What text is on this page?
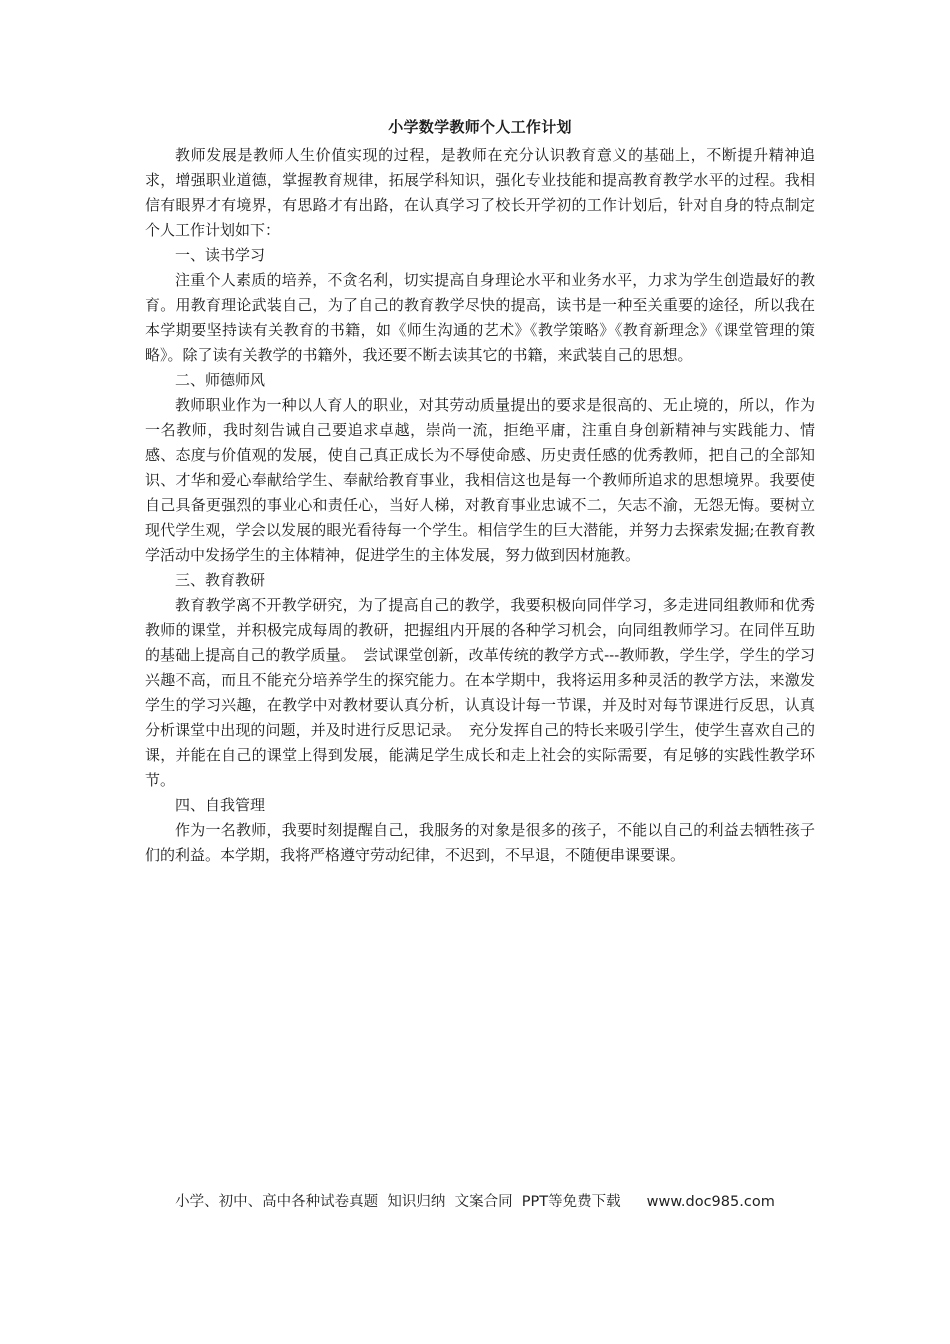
小学数学教师个人工作计划

教师发展是教师人生价值实现的过程，是教师在充分认识教育意义的基础上，不断提升精神追求，增强职业道德，掌握教育规律，拓展学科知识，强化专业技能和提高教育教学水平的过程。我相信有眼界才有境界，有思路才有出路，在认真学习了校长开学初的工作计划后，针对自身的特点制定个人工作计划如下：

一、读书学习

注重个人素质的培养，不贪名利，切实提高自身理论水平和业务水平，力求为学生创造最好的教育。用教育理论武装自己，为了自己的教育教学尽快的提高，读书是一种至关重要的途径，所以我在本学期要坚持读有关教育的书籍，如《师生沟通的艺术》《教学策略》《教育新理念》《课堂管理的策略》。除了读有关教学的书籍外，我还要不断去读其它的书籍，来武装自己的思想。

二、师德师风

教师职业作为一种以人育人的职业，对其劳动质量提出的要求是很高的、无止境的，所以，作为一名教师，我时刻告诫自己要追求卓越，崇尚一流，拒绝平庸，注重自身创新精神与实践能力、情感、态度与价值观的发展，使自己真正成长为不辱使命感、历史责任感的优秀教师，把自己的全部知识、才华和爱心奉献给学生、奉献给教育事业，我相信这也是每一个教师所追求的思想境界。我要使自己具备更强烈的事业心和责任心，当好人梯，对教育事业忠诚不二，矢志不渝，无怨无悔。要树立现代学生观，学会以发展的眼光看待每一个学生。相信学生的巨大潜能，并努力去探索发掘;在教育教学活动中发扬学生的主体精神，促进学生的主体发展，努力做到因材施教。

三、教育教研

教育教学离不开教学研究，为了提高自己的教学，我要积极向同伴学习，多走进同组教师和优秀教师的课堂，并积极完成每周的教研，把握组内开展的各种学习机会，向同组教师学习。在同伴互助的基础上提高自己的教学质量。　尝试课堂创新，改革传统的教学方式---教师教，学生学，学生的学习兴趣不高，而且不能充分培养学生的探究能力。在本学期中，我将运用多种灵活的教学方法，来激发学生的学习兴趣，在教学中对教材要认真分析，认真设计每一节课，并及时对每节课进行反思，认真分析课堂中出现的问题，并及时进行反思记录。　充分发挥自己的特长来吸引学生，使学生喜欢自己的课，并能在自己的课堂上得到发展，能满足学生成长和走上社会的实际需要，有足够的实践性教学环节。

四、自我管理

作为一名教师，我要时刻提醒自己，我服务的对象是很多的孩子，不能以自己的利益去牺牲孩子们的利益。本学期，我将严格遵守劳动纪律，不迟到，不早退，不随便串课要课。

小学、初中、高中各种试卷真题  知识归纳  文案合同  PPT等免费下载 www.doc985.com
